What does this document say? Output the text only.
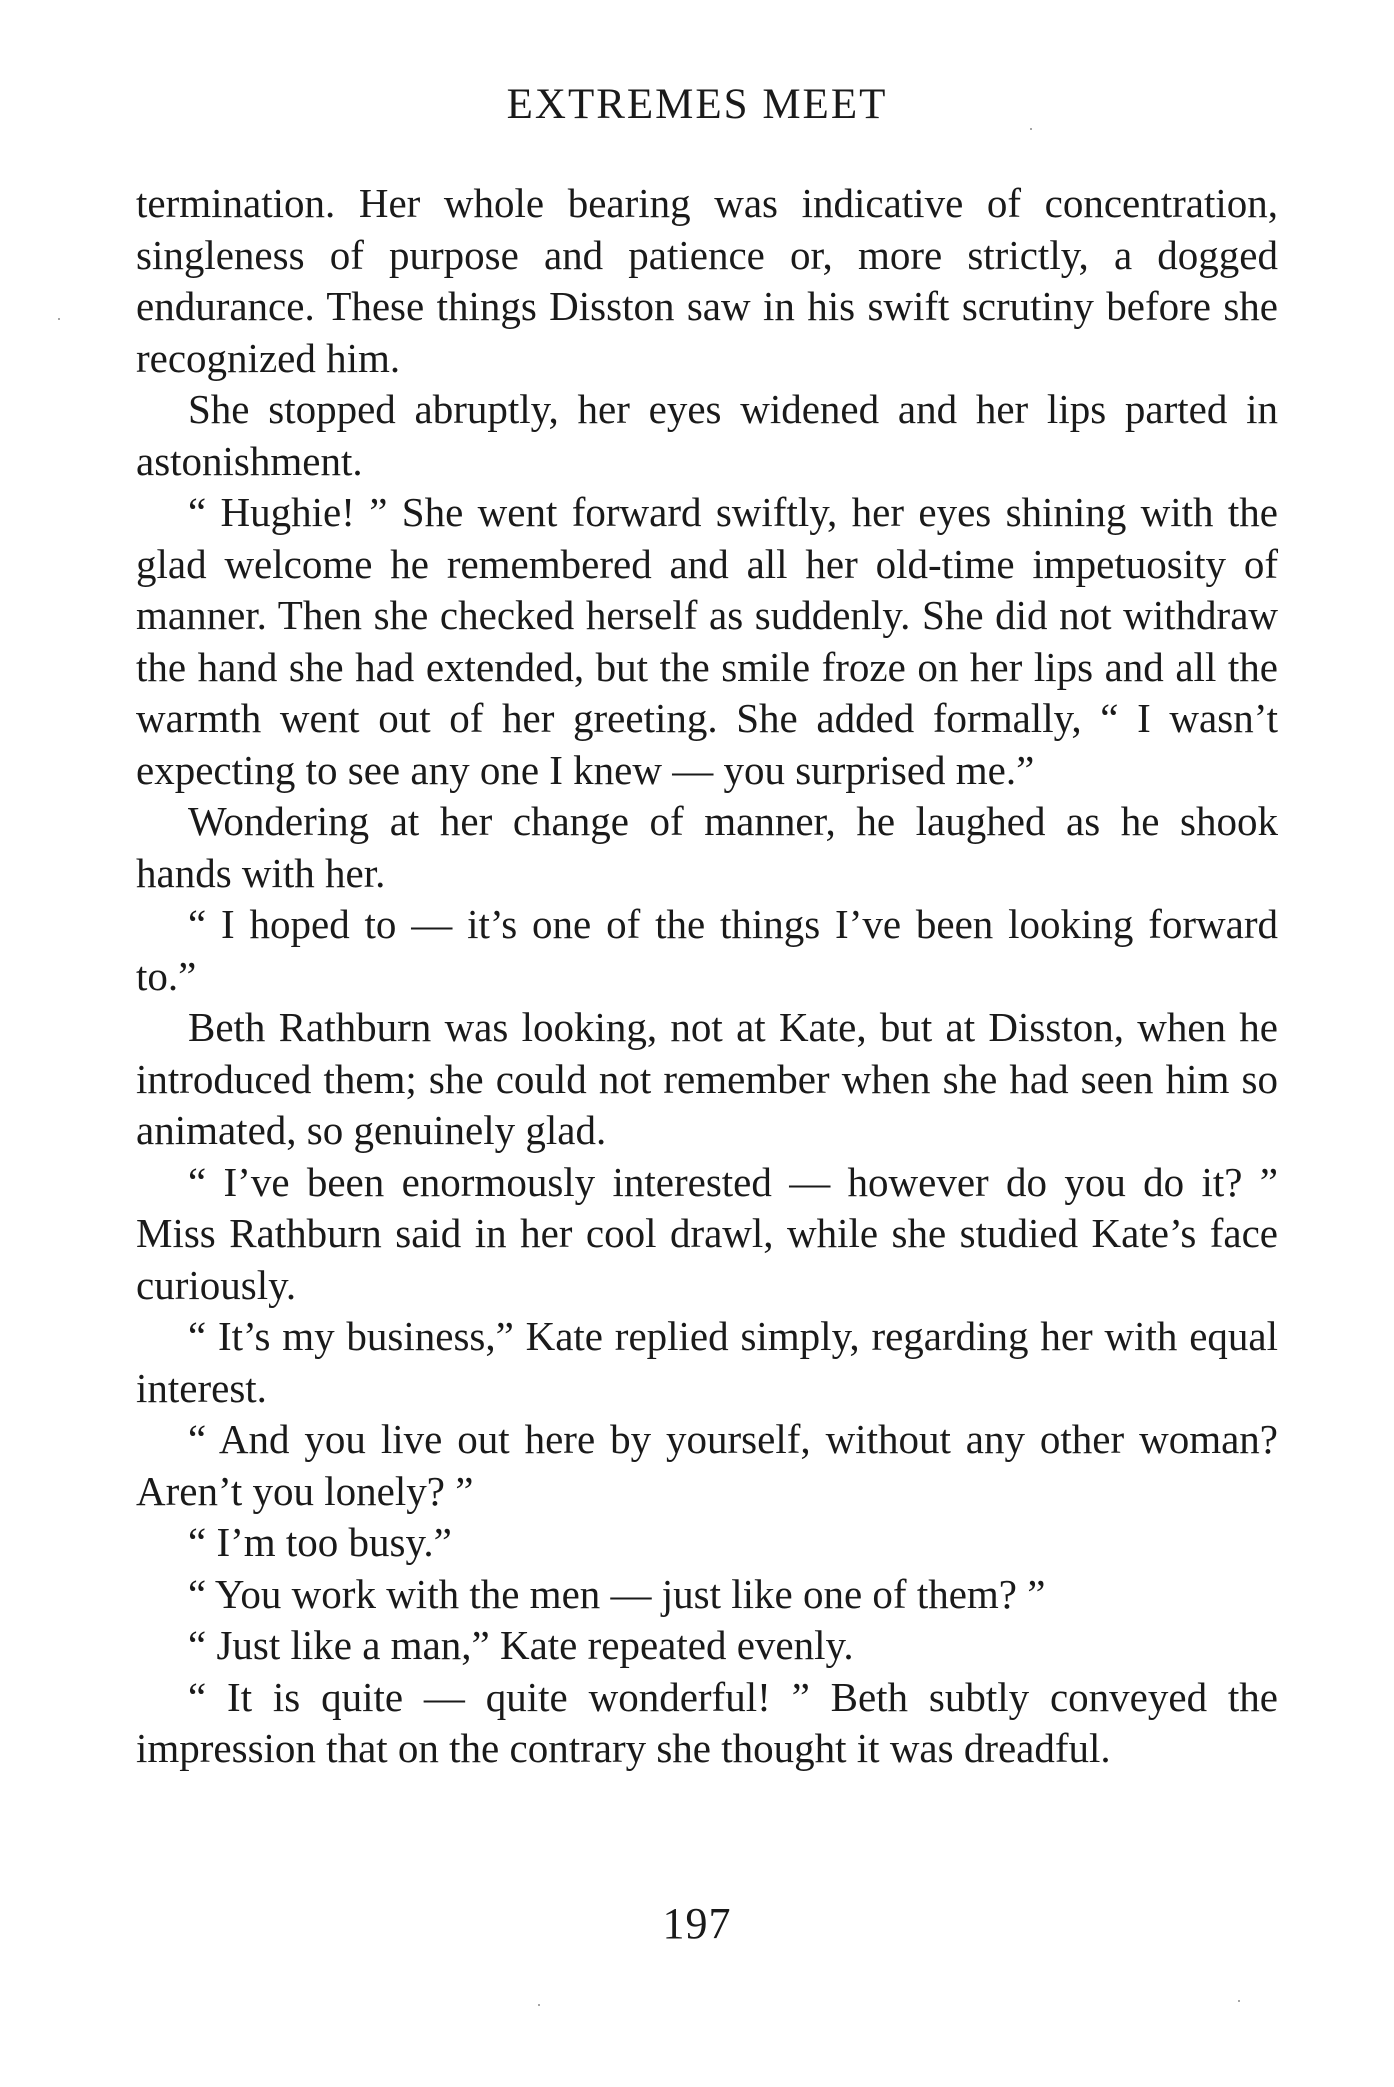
EXTREMES MEET

termination. Her whole bearing was indicative of concentration, singleness of purpose and patience or, more strictly, a dogged endurance. These things Disston saw in his swift scrutiny before she recognized him.

She stopped abruptly, her eyes widened and her lips parted in astonishment.

“ Hughie! ” She went forward swiftly, her eyes shining with the glad welcome he remembered and all her old-time impetuosity of manner. Then she checked herself as suddenly. She did not withdraw the hand she had extended, but the smile froze on her lips and all the warmth went out of her greeting. She added formally, “ I wasn’t expecting to see any one I knew — you surprised me.”

Wondering at her change of manner, he laughed as he shook hands with her.

“ I hoped to — it’s one of the things I’ve been looking forward to.”

Beth Rathburn was looking, not at Kate, but at Disston, when he introduced them; she could not remember when she had seen him so animated, so genuinely glad.

“ I’ve been enormously interested — however do you do it? ” Miss Rathburn said in her cool drawl, while she studied Kate’s face curiously.

“ It’s my business,” Kate replied simply, regarding her with equal interest.

“ And you live out here by yourself, without any other woman? Aren’t you lonely? ”

“ I’m too busy.”

“ You work with the men — just like one of them? ”

“ Just like a man,” Kate repeated evenly.

“ It is quite — quite wonderful! ” Beth subtly conveyed the impression that on the contrary she thought it was dreadful.

197
